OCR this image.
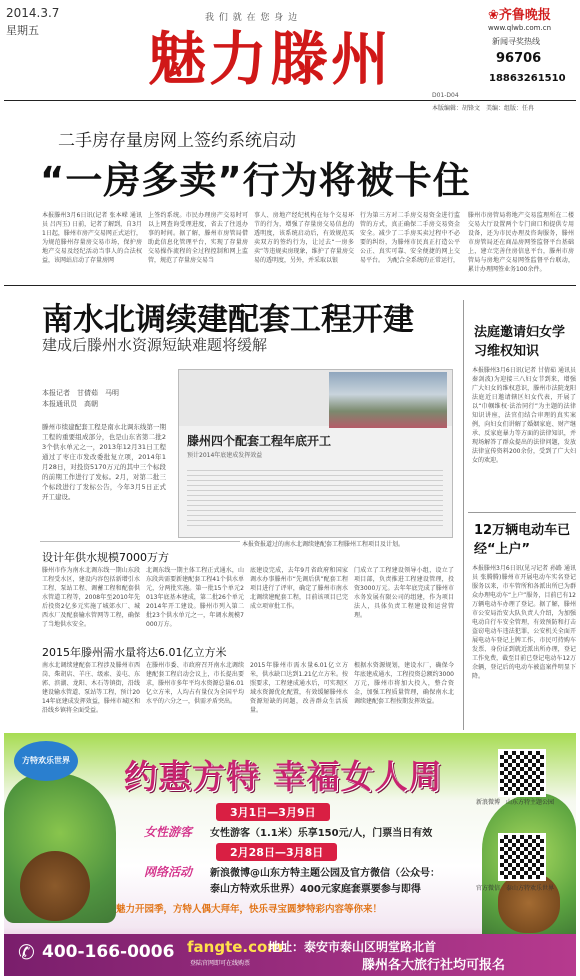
2014.3.7
星期五
我 们 就 在 您 身 边
魅力滕州
❀齐鲁晚报
www.qlwb.com.cn
新闻寻奖热线
96706
18863261510
D01-D04
本版编辑：胡锋文　美编：组版：任冉
二手房存量房网上签约系统启动
“一房多卖”行为将被卡住
本报滕州3月6日讯(记者 张本嵘 通讯员 吕丙玉) 日前，记者了解到，自3月1日起，滕州市房产交易网正式运行，为规范滕州存量房交易市场，保护房地产交易及经纪活动当事人的合法权益，该网站启动了存量房网
上签约系统。市民办理房产交易时可以上网查询受理进度，省去了往返办事的时间。据了解，滕州市房管局借助此信息化管理平台，实现了存量房交易操作流程的全过程控制和网上监管，规范了存量房交易当
事人、房地产经纪机构在每个交易环节的行为，增强了存量房交易信息的透明度，该系统启动后，有效规范买卖双方的签约行为，让过去“一房多卖”等违规卖房现象，维护了存量房交易的透明度，另外，并采取以银
行为第三方对二手房交易资金进行监管的方式，真正确保二手房交易资金安全。减少了二手房买卖过程中不必要的纠纷，为滕州市民真正打造公平公正、真实可靠、安全便捷的网上交易平台。　为配合全系统的正常运行，
滕州市房管局将地产交易监理所在二楼交易大厅设置两个专门窗口和提供专用设备，还为市民办理及咨询服务，滕州市房管局还在商品房网签监督平台基础上，建立完善住房信息平台，滕州市房管局与房地产交易网签监督平台联动，累计办理网签业务100余件。
南水北调续建配套工程开建
建成后滕州水资源短缺难题将缓解
本报记者　甘倩茹　马明
本报通讯员　高朝
滕州市续建配套工程是南水北调东线第一期工程的重要组成部分，也是山东省第二批23个供水单元之一，2013年12月31日工程通过了枣庄市发改委批复立项，2014年1月28日，对投资5170万元的其中三个标段的前期工作进行了发标。2月，对第二批三个标段进行了发标公告，今年3月5日正式开工建设。
滕州四个配套工程年底开工
预计2014年底建成发挥效益
本报资报道过的南水北调续建配套工程滕州工程项目及计划。
设计年供水规模7000万方
滕州市作为南水北调东线一期山东段工程受水区，建设内容包括新增引水工程、泵站工程、调蓄工程和配套供水管道工程等，2008年至2010年先后投资2亿多元实施了城郊水厂、城西水厂及配套输水管网等工程，确保了当地供水安全。
北调东线一期主体工程正式通水，山东段共需要新建配套工程41个供水单元，分两批实施。第一批15个单元2013年底基本建成，第二批26个单元2014年开工建设。滕州市列入第二批23个供水单元之一，年调水规模7000万方。
底建设完成，去年9月省政府和国家调水办事滕州市“先调后供”配套工程项目进行了评审，确定了滕州市南水北调续建配套工程，目前该项目已完成立项审批工作。
门成立了工程建设领导小组，设立了项目部，负责推进工程建设管理，投资3000万元。去年年底完成了滕州市水务发展有限公司的组建，作为项目法人，具体负责工程建设和运营管理。
2015年滕州需水量将达6.01亿立方米
南水北调续建配套工程涉及滕州市西岗、柴胡店、羊庄、级索、姜屯、东郭、滨湖、龙阳、木石等镇街，沿线建设输水管道、泵站等工程，预计2014年底建成发挥效益，滕州市城区和沿线乡镇将全面受益。
在滕州市委、市政府召开南水北调续建配套工程启动会议上，市长提出要求，滕州市多年平均水资源总量6.01亿立方米，人均占有量仅为全国平均水平的六分之一，供需矛盾突出。
2015年滕州市需水量6.01亿立方米，供水缺口达到1.21亿立方米。按照要求，工程建成通水后，可实现区域水资源优化配置，有效缓解滕州水资源短缺的问题，改善群众生活质量。
根据水资源规划，建设水厂，确保今年底建成通水，工程投资总额约3000万元，滕州市将加大投入，整合资金，加强工程质量管理，确保南水北调续建配套工程按期发挥效益。
法庭邀请妇女学习维权知识
本报滕州3月6日讯(记者 甘倩茹 通讯员 秦剑波)为迎接三八妇女节到来，增强广大妇女的维权意识，滕州市法院龙阳法庭近日邀请辖区妇女代表，开展了以“巾帼维权·法治同行”为主题的法律知识讲座，法官们结合审理的真实案例，向妇女们讲解了婚姻家庭、财产继承、反家庭暴力等方面的法律知识，并现场解答了群众提出的法律问题，发放法律宣传资料200余份，受到了广大妇女的欢迎。
12万辆电动车已经“上户”
本报滕州3月6日讯(见习记者 孙路 通讯员 张腾腾)滕州市开展电动车实名登记服务以来，市车管所和各派出所已为群众办理电动车“上户”服务，目前已有12万辆电动车办理了登记。据了解，滕州市公安局治安大队负责人介绍，为加强电动自行车安全管理，有效预防和打击盗窃电动车违法犯罪，公安机关全面开展电动车登记上牌工作，市民可持购车发票、身份证到就近派出所办理，登记工作免费，截至目前已登记电动车12万余辆，登记后的电动车被盗案件明显下降。
方特欢乐世界 约惠方特 幸福女人周
3月1日—3月9日
女性游客 女性游客（1.1米）乐享150元/人，门票当日有效
2月28日—3月8日
网络活动 新浪微博@山东方特主题公园及官方微信（公众号：
泰山方特欢乐世界）400元家庭套票要参与即得
魅力开园季，方特人偶大拜年，快乐寻宝圆梦特彩内容等你来！
新浪微博 山东方特主题公园
官方微信 泰山方特欢乐世界
✆ 400-166-0006 fangte.com
登陆官网即可在线购票
地址：泰安市泰山区明堂路北首
滕州各大旅行社均可报名
